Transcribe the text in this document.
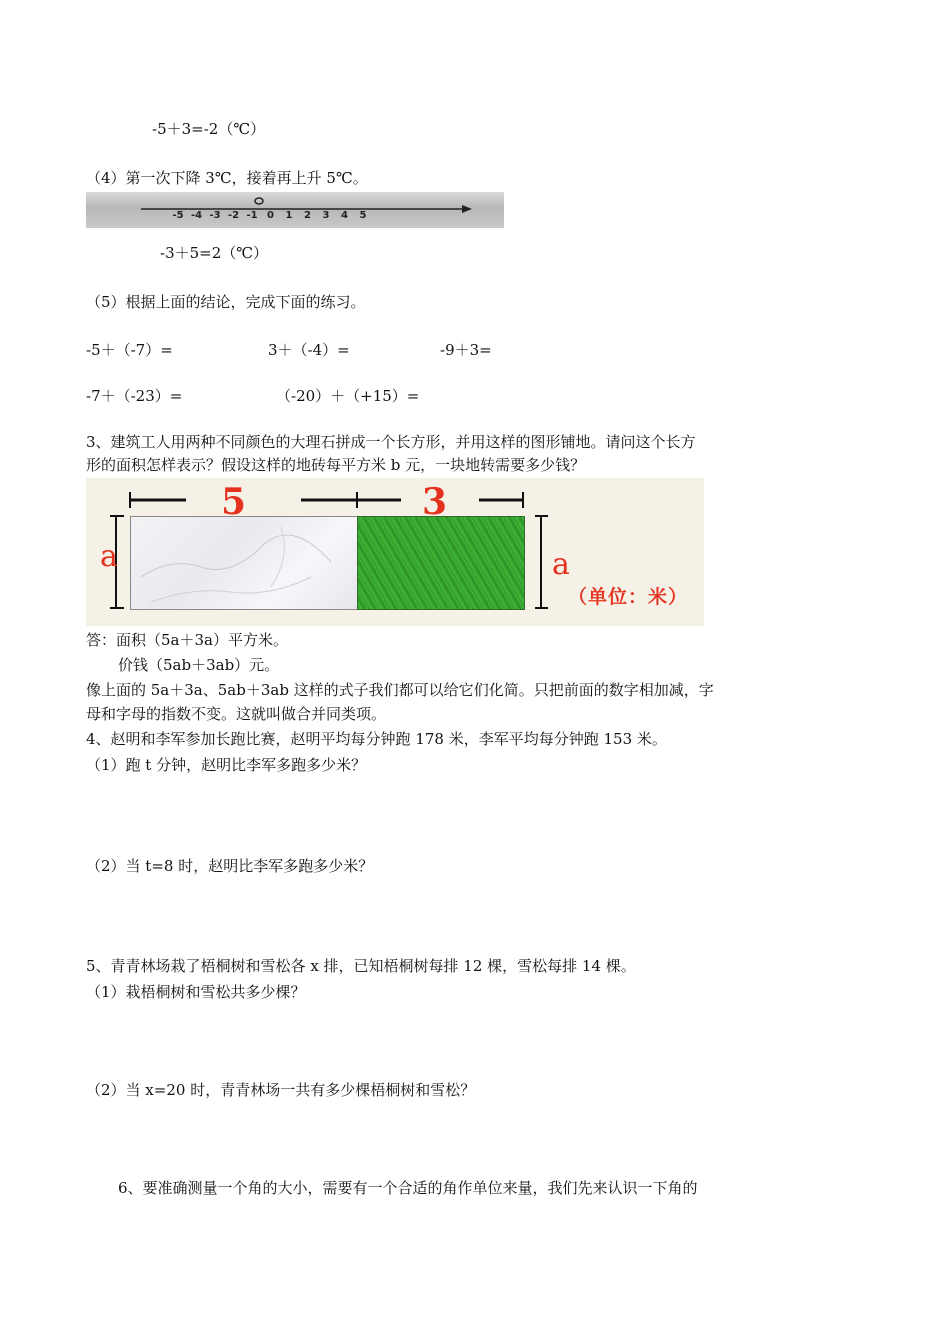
-5＋3=-2（℃）
（4）第一次下降 3℃，接着再上升 5℃。
-5 -4 -3 -2 -1 0 1 2 3 4 5
-3＋5=2（℃）
（5）根据上面的结论，完成下面的练习。
-5＋（-7）=	3＋（-4）=	-9＋3=
-7＋（-23）=	（-20）＋（+15）=
3、建筑工人用两种不同颜色的大理石拼成一个长方形，并用这样的图形铺地。请问这个长方
形的面积怎样表示？假设这样的地砖每平方米 b 元，一块地转需要多少钱？
5	3
a	a
（单位：米）
答：面积（5a＋3a）平方米。
价钱（5ab＋3ab）元。
像上面的 5a＋3a、5ab＋3ab 这样的式子我们都可以给它们化简。只把前面的数字相加减，字
母和字母的指数不变。这就叫做合并同类项。
4、赵明和李军参加长跑比赛，赵明平均每分钟跑 178 米，李军平均每分钟跑 153 米。
（1）跑 t 分钟，赵明比李军多跑多少米？
（2）当 t=8 时，赵明比李军多跑多少米？
5、青青林场栽了梧桐树和雪松各 x 排，已知梧桐树每排 12 棵，雪松每排 14 棵。
（1）栽梧桐树和雪松共多少棵？
（2）当 x=20 时，青青林场一共有多少棵梧桐树和雪松？
6、要准确测量一个角的大小，需要有一个合适的角作单位来量，我们先来认识一下角的
